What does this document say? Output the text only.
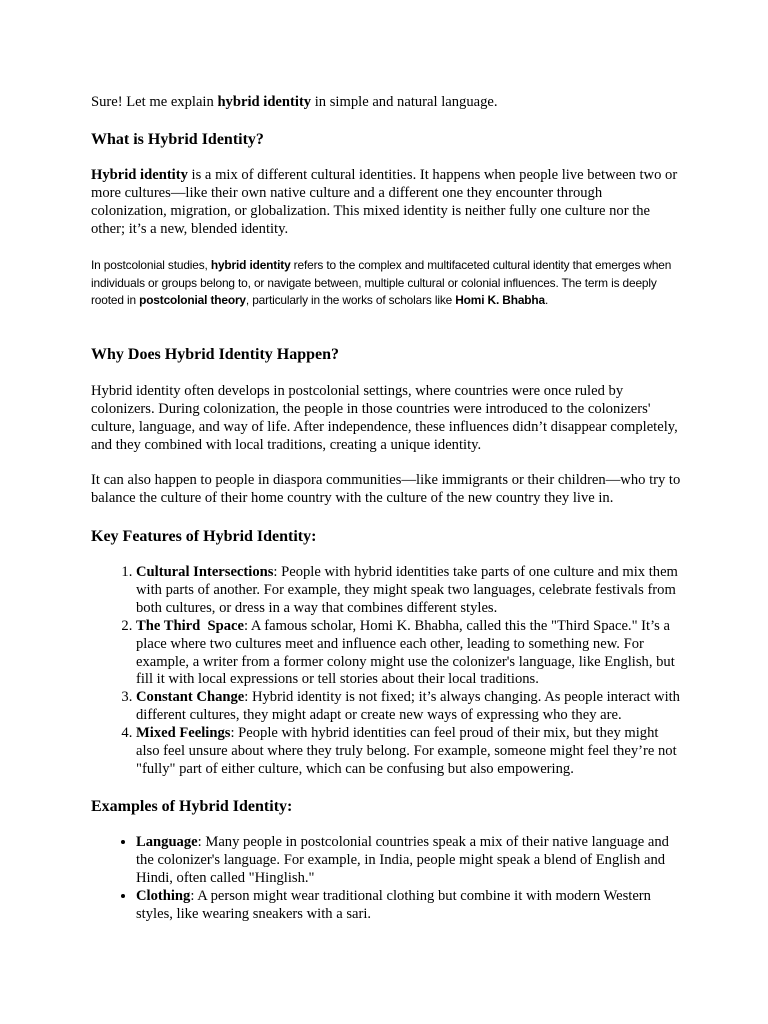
Sure! Let me explain hybrid identity in simple and natural language.

What is Hybrid Identity?

Hybrid identity is a mix of different cultural identities. It happens when people live between two or more cultures—like their own native culture and a different one they encounter through colonization, migration, or globalization. This mixed identity is neither fully one culture nor the other; it’s a new, blended identity.

In postcolonial studies, hybrid identity refers to the complex and multifaceted cultural identity that emerges when individuals or groups belong to, or navigate between, multiple cultural or colonial influences. The term is deeply rooted in postcolonial theory, particularly in the works of scholars like Homi K. Bhabha.

Why Does Hybrid Identity Happen?

Hybrid identity often develops in postcolonial settings, where countries were once ruled by colonizers. During colonization, the people in those countries were introduced to the colonizers' culture, language, and way of life. After independence, these influences didn’t disappear completely, and they combined with local traditions, creating a unique identity.

It can also happen to people in diaspora communities—like immigrants or their children—who try to balance the culture of their home country with the culture of the new country they live in.

Key Features of Hybrid Identity:
1. Cultural Intersections: People with hybrid identities take parts of one culture and mix them with parts of another. For example, they might speak two languages, celebrate festivals from both cultures, or dress in a way that combines different styles.
2. The Third  Space: A famous scholar, Homi K. Bhabha, called this the "Third Space." It’s a place where two cultures meet and influence each other, leading to something new. For example, a writer from a former colony might use the colonizer's language, like English, but fill it with local expressions or tell stories about their local traditions.
3. Constant Change: Hybrid identity is not fixed; it’s always changing. As people interact with different cultures, they might adapt or create new ways of expressing who they are.
4. Mixed Feelings: People with hybrid identities can feel proud of their mix, but they might also feel unsure about where they truly belong. For example, someone might feel they’re not "fully" part of either culture, which can be confusing but also empowering.
Examples of Hybrid Identity:
• Language: Many people in postcolonial countries speak a mix of their native language and the colonizer's language. For example, in India, people might speak a blend of English and Hindi, often called "Hinglish."
• Clothing: A person might wear traditional clothing but combine it with modern Western styles, like wearing sneakers with a sari.
